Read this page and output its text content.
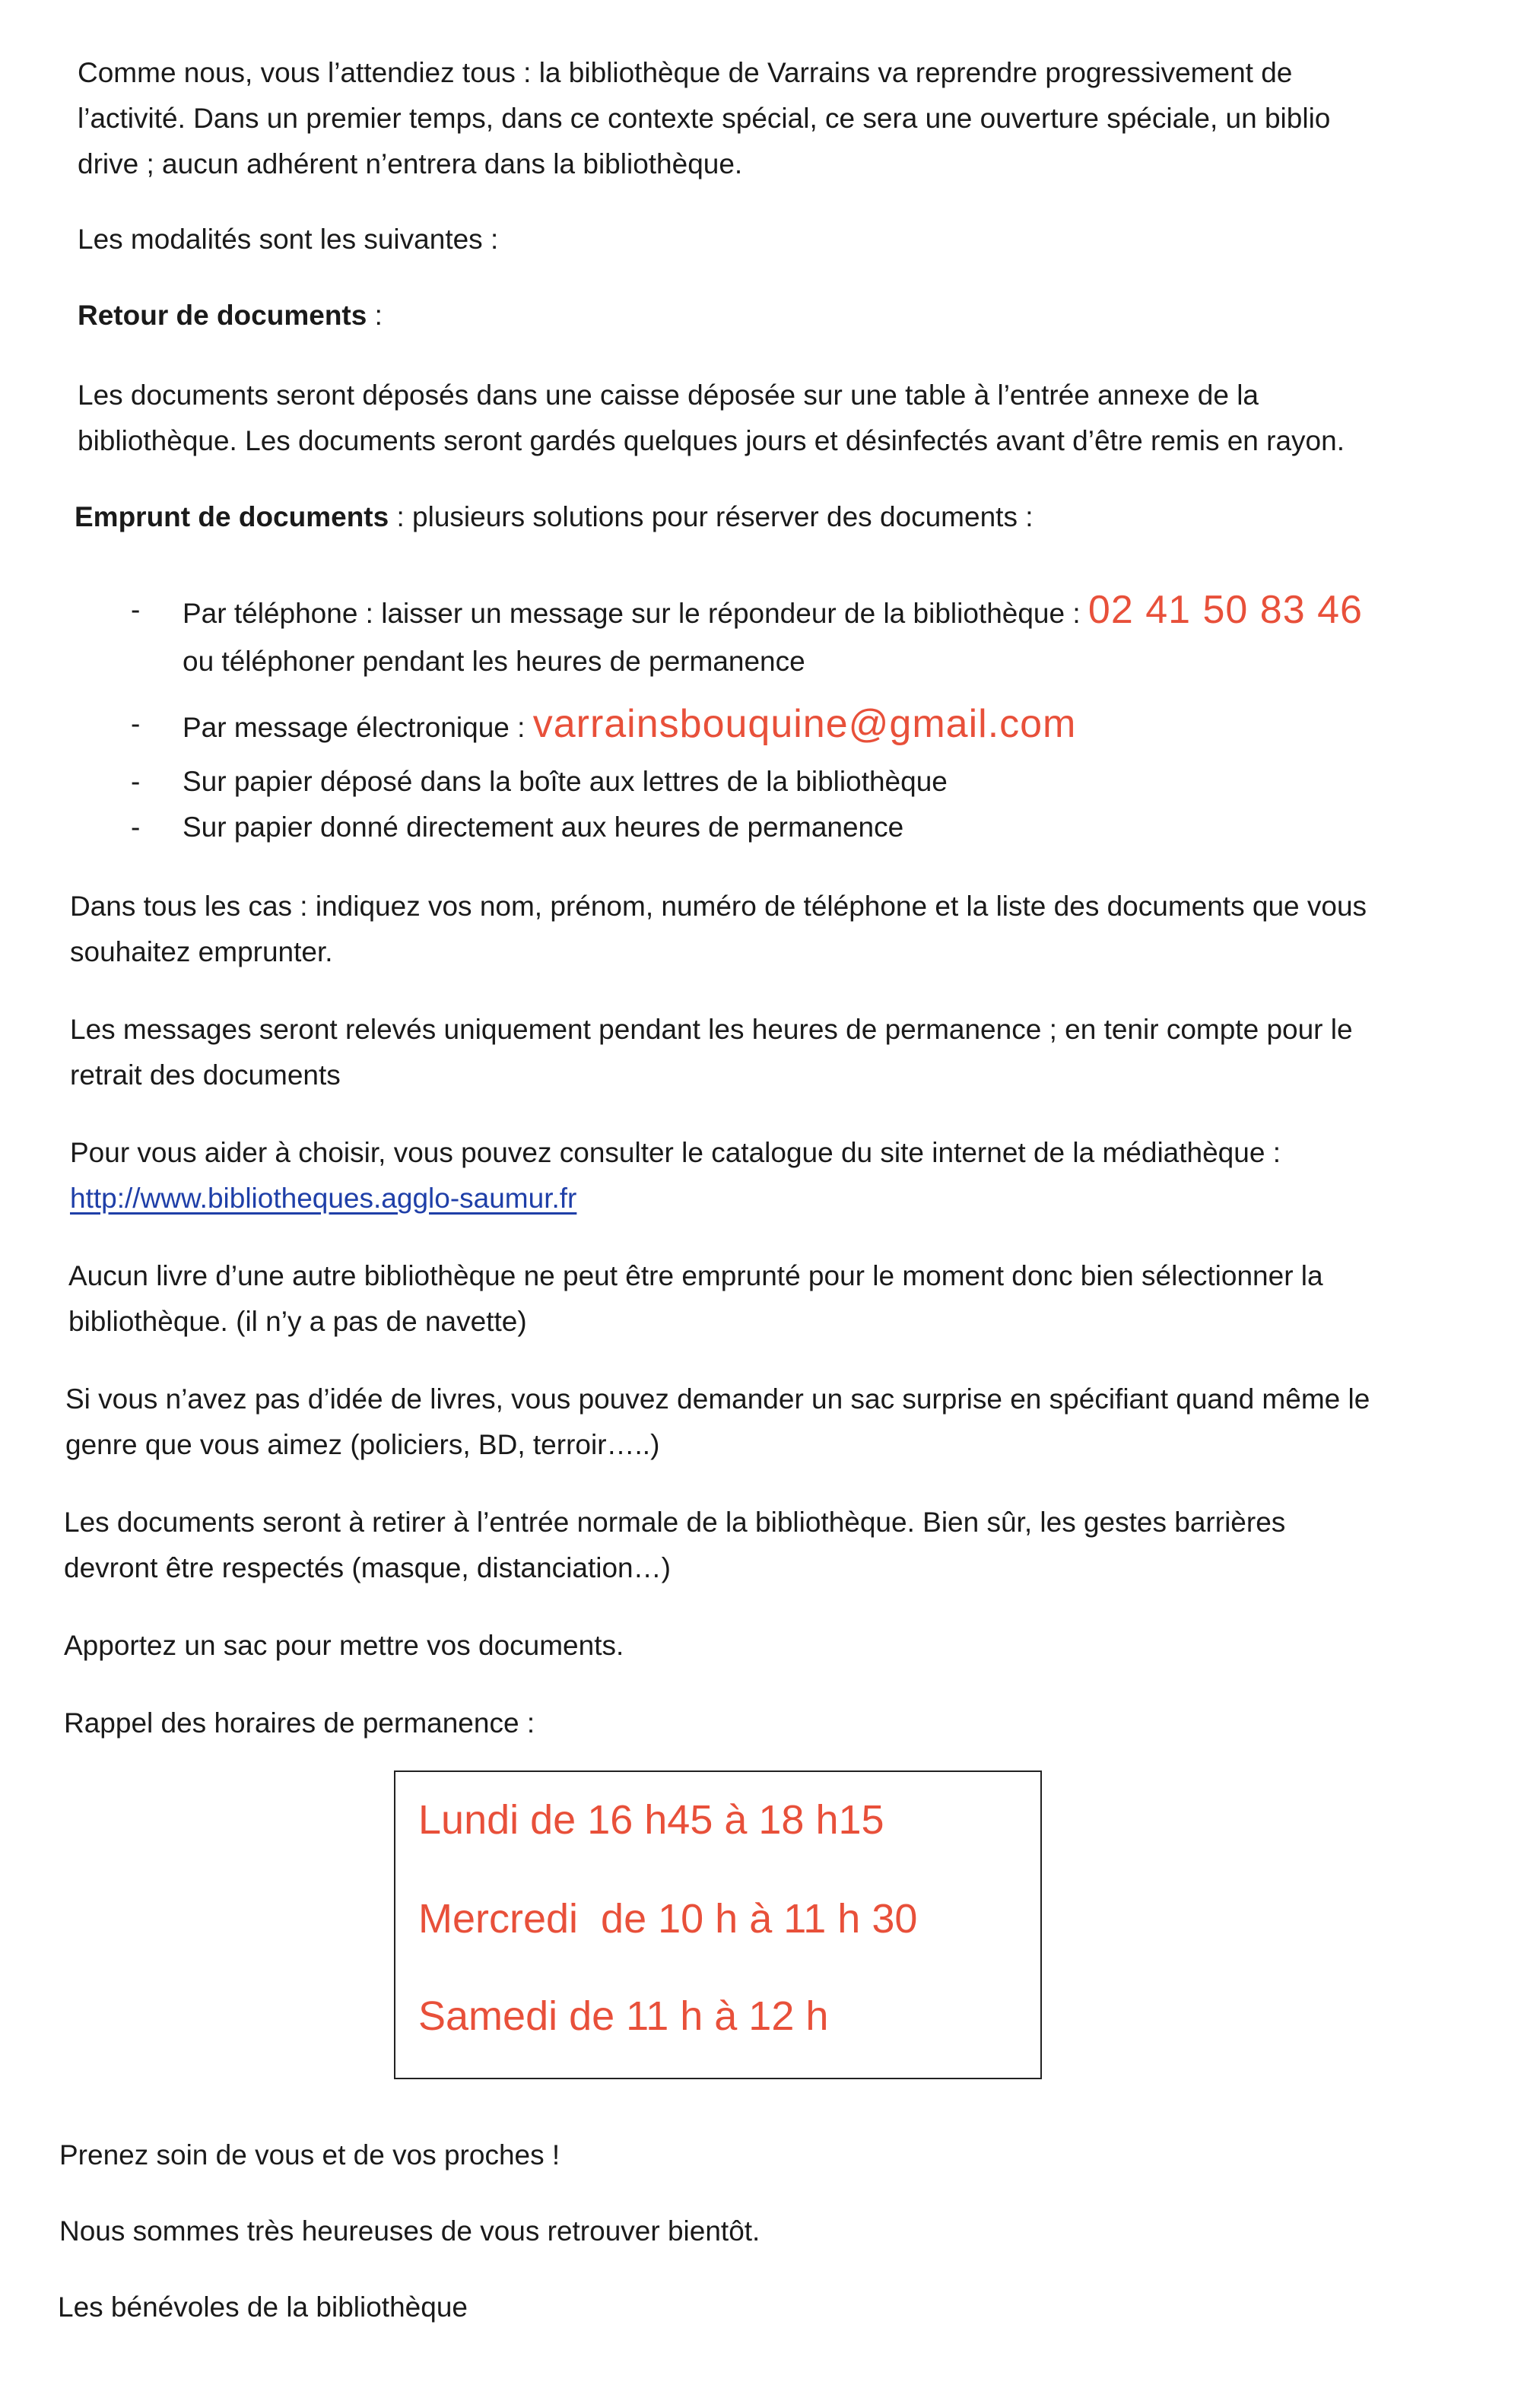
Comme nous, vous l’attendiez tous : la bibliothèque de Varrains va reprendre progressivement de

l’activité. Dans un premier temps, dans ce contexte spécial, ce sera une ouverture spéciale, un biblio

drive ; aucun adhérent n’entrera dans la bibliothèque.

Les modalités sont les suivantes :

Retour de documents :

Les documents seront déposés dans une caisse déposée sur une table à l’entrée annexe de la

bibliothèque. Les documents seront gardés quelques jours et désinfectés avant d’être remis en rayon.

Emprunt de documents : plusieurs solutions pour réserver des documents :

- Par téléphone : laisser un message sur le répondeur de la bibliothèque : 02 41 50 83 46

ou téléphoner pendant les heures de permanence

- Par message électronique : varrainsbouquine@gmail.com

- Sur papier déposé dans la boîte aux lettres de la bibliothèque

- Sur papier donné directement aux heures de permanence

Dans tous les cas : indiquez vos nom, prénom, numéro de téléphone et la liste des documents que vous

souhaitez emprunter.

Les messages seront relevés uniquement pendant les heures de permanence ; en tenir compte pour le

retrait des documents

Pour vous aider à choisir, vous pouvez consulter le catalogue du site internet de la médiathèque :

http://www.bibliotheques.agglo-saumur.fr

Aucun livre d’une autre bibliothèque ne peut être emprunté pour le moment donc bien sélectionner la

bibliothèque. (il n’y a pas de navette)

Si vous n’avez pas d’idée de livres, vous pouvez demander un sac surprise en spécifiant quand même le

genre que vous aimez (policiers, BD, terroir…..)

Les documents seront à retirer à l’entrée normale de la bibliothèque. Bien sûr, les gestes barrières

devront être respectés (masque, distanciation…)

Apportez un sac pour mettre vos documents.

Rappel des horaires de permanence :

Lundi de 16 h45 à 18 h15
Mercredi  de 10 h à 11 h 30
Samedi de 11 h à 12 h

Prenez soin de vous et de vos proches !

Nous sommes très heureuses de vous retrouver bientôt.

Les bénévoles de la bibliothèque
